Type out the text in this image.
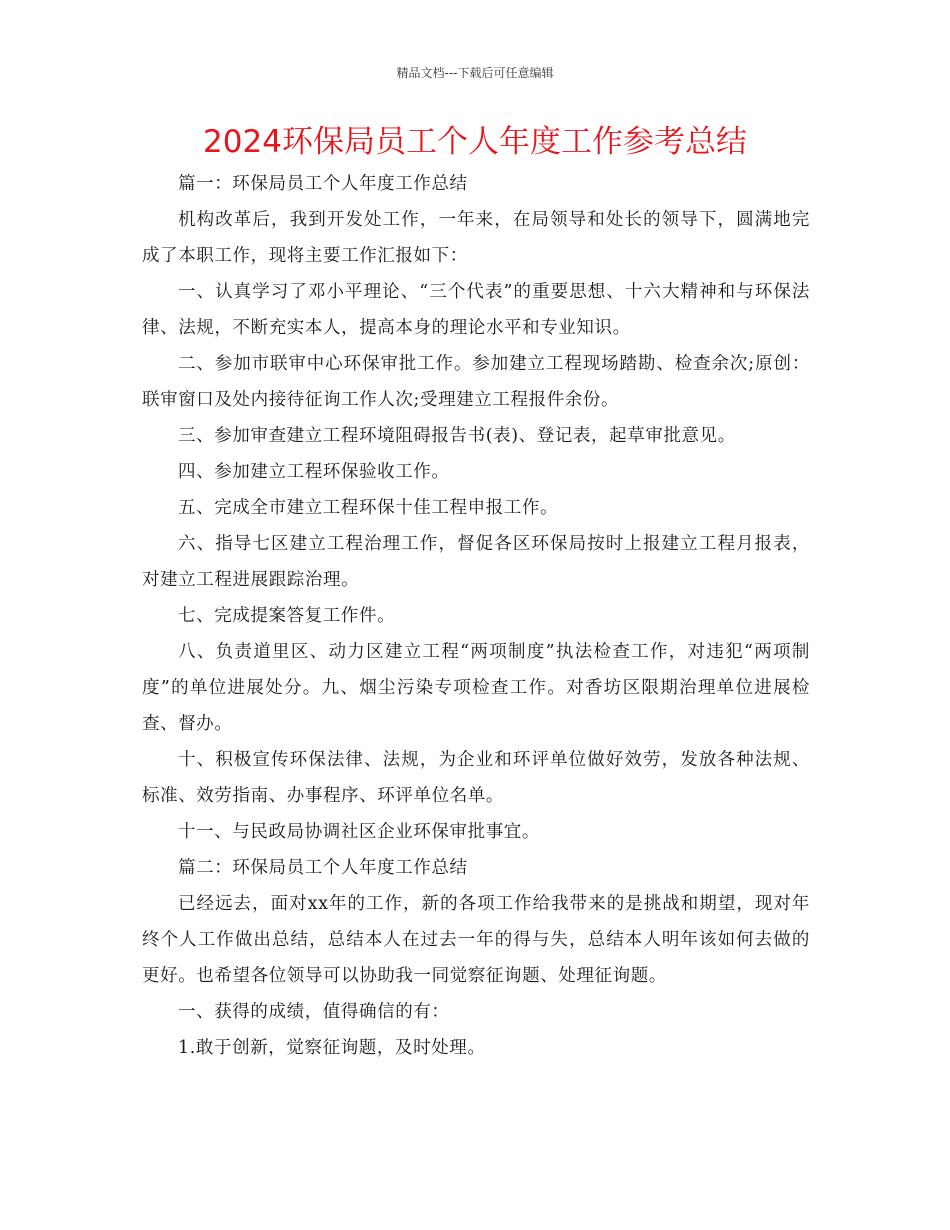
精品文档---下载后可任意编辑
2024环保局员工个人年度工作参考总结

篇一：环保局员工个人年度工作总结

机构改革后，我到开发处工作，一年来，在局领导和处长的领导下，圆满地完成了本职工作，现将主要工作汇报如下：

一、认真学习了邓小平理论、“三个代表”的重要思想、十六大精神和与环保法律、法规，不断充实本人，提高本身的理论水平和专业知识。

二、参加市联审中心环保审批工作。参加建立工程现场踏勘、检查余次;原创：联审窗口及处内接待征询工作人次;受理建立工程报件余份。

三、参加审查建立工程环境阻碍报告书(表)、登记表，起草审批意见。

四、参加建立工程环保验收工作。

五、完成全市建立工程环保十佳工程申报工作。

六、指导七区建立工程治理工作，督促各区环保局按时上报建立工程月报表，对建立工程进展跟踪治理。

七、完成提案答复工作件。

八、负责道里区、动力区建立工程“两项制度”执法检查工作，对违犯“两项制度”的单位进展处分。九、烟尘污染专项检查工作。对香坊区限期治理单位进展检查、督办。

十、积极宣传环保法律、法规，为企业和环评单位做好效劳，发放各种法规、标准、效劳指南、办事程序、环评单位名单。

十一、与民政局协调社区企业环保审批事宜。

篇二：环保局员工个人年度工作总结

已经远去，面对xx年的工作，新的各项工作给我带来的是挑战和期望，现对年终个人工作做出总结，总结本人在过去一年的得与失，总结本人明年该如何去做的更好。也希望各位领导可以协助我一同觉察征询题、处理征询题。

一、获得的成绩，值得确信的有：

1.敢于创新，觉察征询题，及时处理。
